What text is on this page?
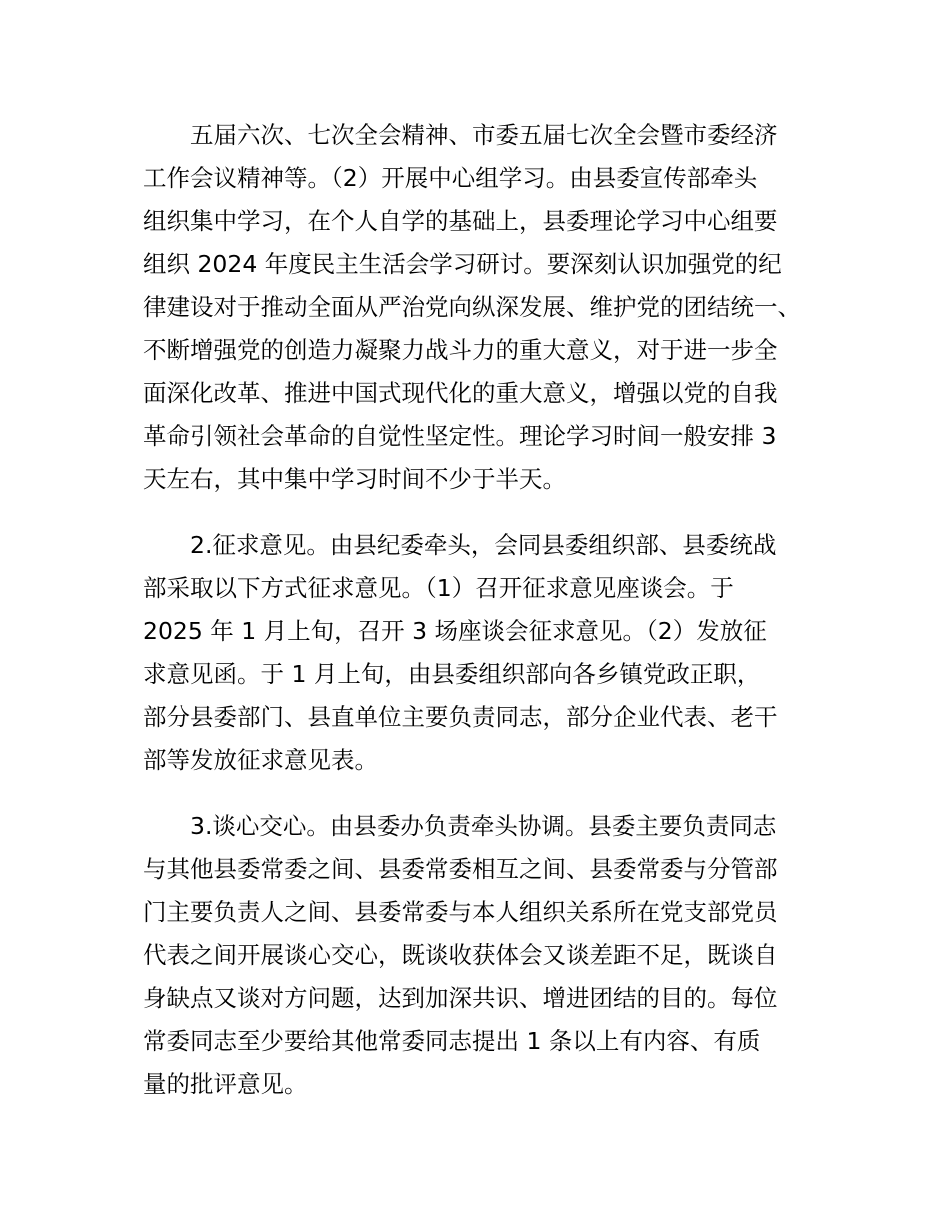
五届六次、七次全会精神、市委五届七次全会暨市委经济
工作会议精神等。（2）开展中心组学习。由县委宣传部牵头
组织集中学习，在个人自学的基础上，县委理论学习中心组要
组织 2024 年度民主生活会学习研讨。要深刻认识加强党的纪
律建设对于推动全面从严治党向纵深发展、维护党的团结统一、
不断增强党的创造力凝聚力战斗力的重大意义，对于进一步全
面深化改革、推进中国式现代化的重大意义，增强以党的自我
革命引领社会革命的自觉性坚定性。理论学习时间一般安排 3
天左右，其中集中学习时间不少于半天。
2.征求意见。由县纪委牵头，会同县委组织部、县委统战
部采取以下方式征求意见。（1）召开征求意见座谈会。于
2025 年 1 月上旬，召开 3 场座谈会征求意见。（2）发放征
求意见函。于 1 月上旬，由县委组织部向各乡镇党政正职，
部分县委部门、县直单位主要负责同志，部分企业代表、老干
部等发放征求意见表。
3.谈心交心。由县委办负责牵头协调。县委主要负责同志
与其他县委常委之间、县委常委相互之间、县委常委与分管部
门主要负责人之间、县委常委与本人组织关系所在党支部党员
代表之间开展谈心交心，既谈收获体会又谈差距不足，既谈自
身缺点又谈对方问题，达到加深共识、增进团结的目的。每位
常委同志至少要给其他常委同志提出 1 条以上有内容、有质
量的批评意见。
